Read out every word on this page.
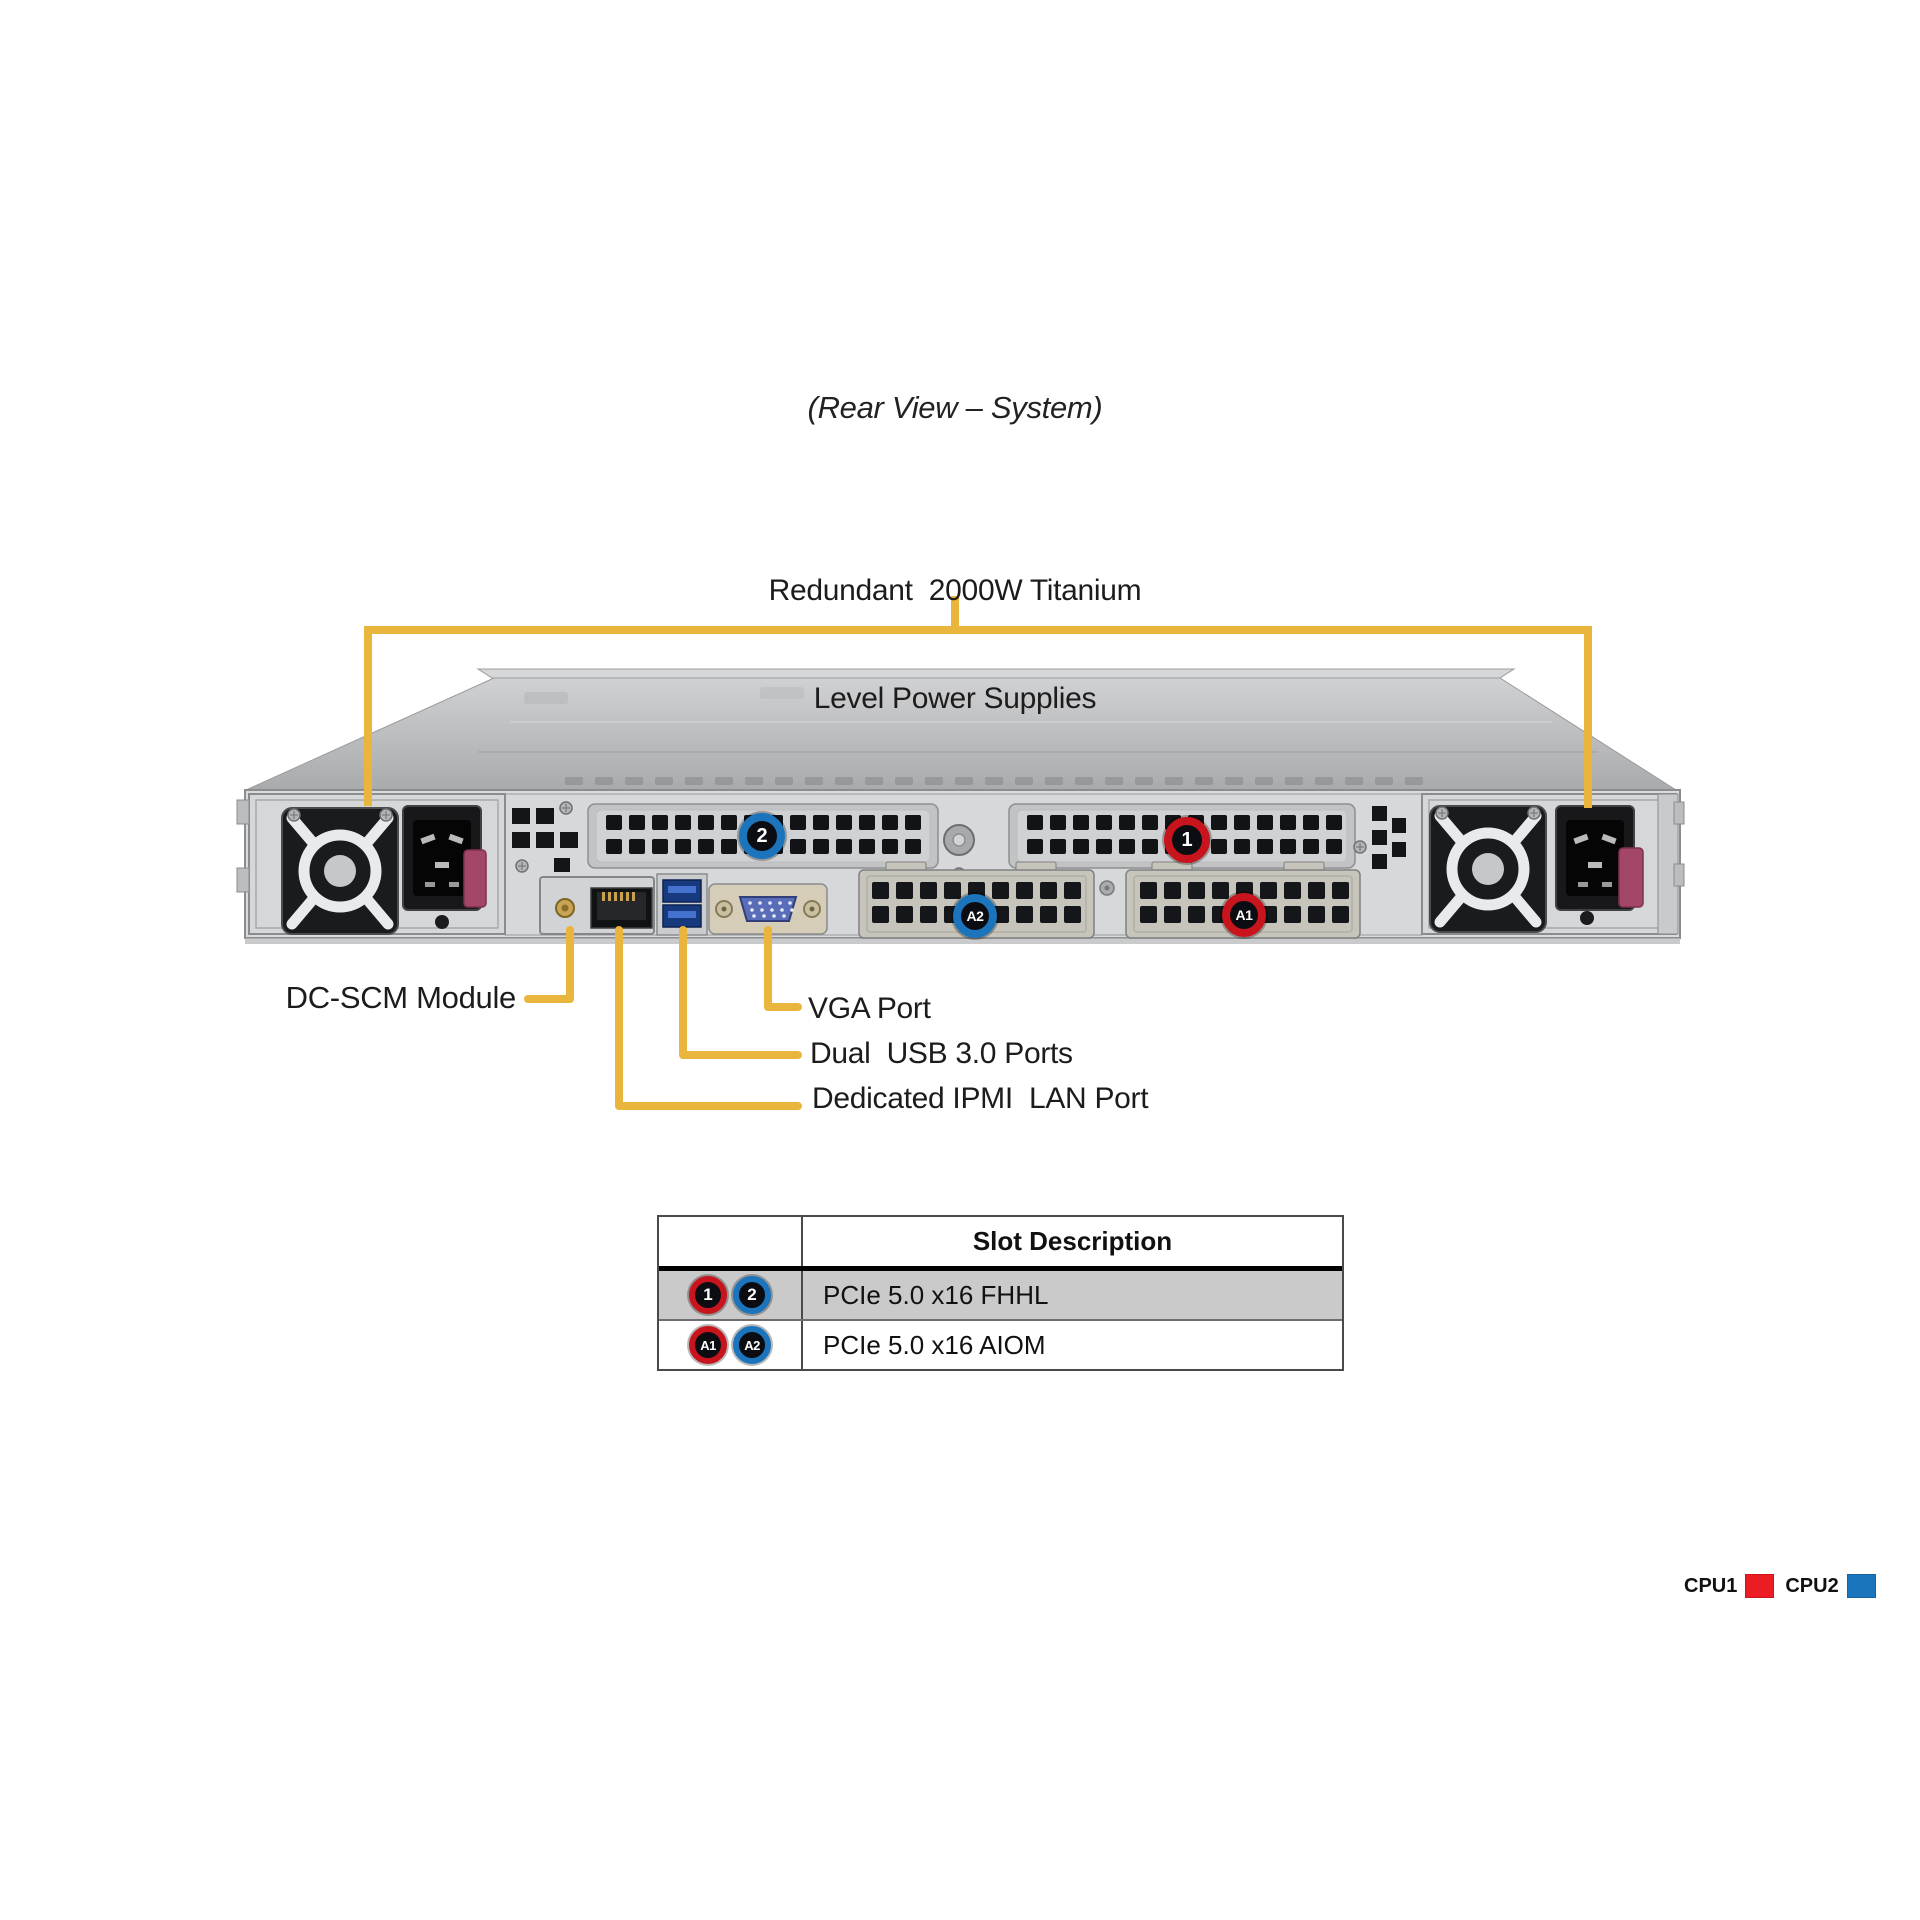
(Rear View – System)

Redundant  2000W Titanium

Level Power Supplies

DC-SCM Module	VGA Port
Dual  USB 3.0 Ports
Dedicated IPMI  LAN Port
2	1
A2	A1
Slot Description
1	2	PCIe 5.0 x16 FHHL
A1	A2	PCIe 5.0 x16 AIOM
CPU1 CPU2
